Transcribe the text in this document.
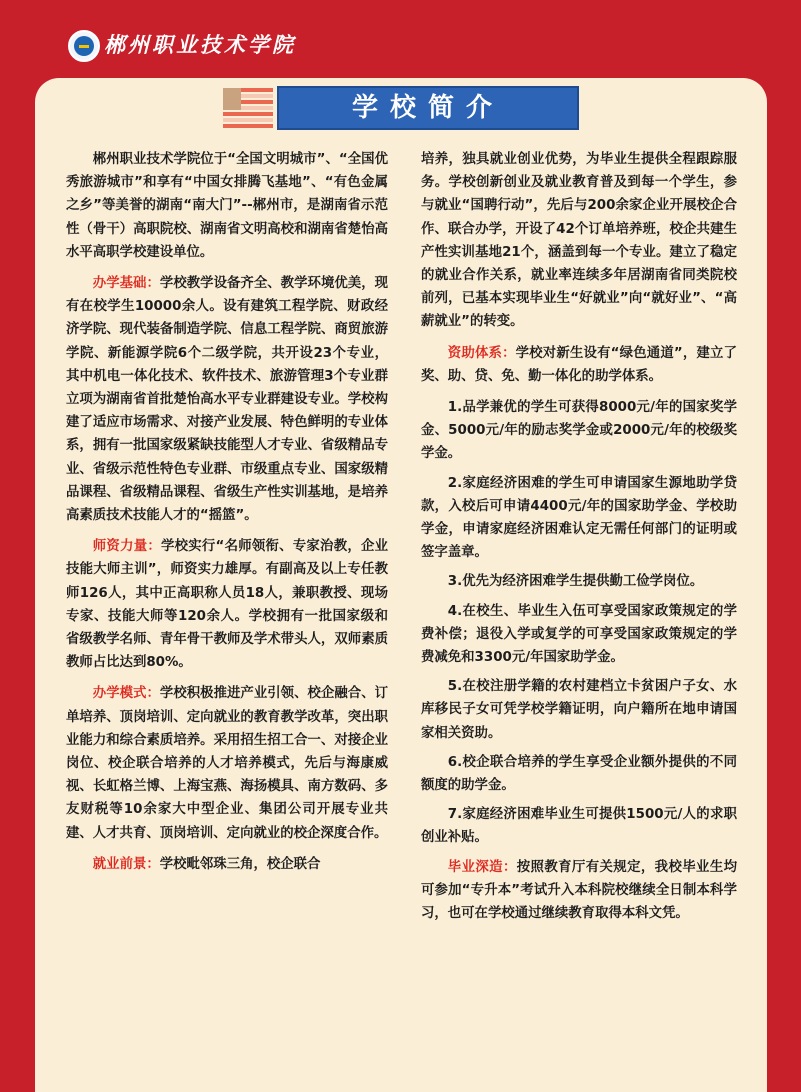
郴州职业技术学院
学校简介

郴州职业技术学院位于“全国文明城市”、“全国优秀旅游城市”和享有“中国女排腾飞基地”、“有色金属之乡”等美誉的湖南“南大门”--郴州市，是湖南省示范性（骨干）高职院校、湖南省文明高校和湖南省楚怡高水平高职学校建设单位。

办学基础：学校教学设备齐全、教学环境优美，现有在校学生10000余人。设有建筑工程学院、财政经济学院、现代装备制造学院、信息工程学院、商贸旅游学院、新能源学院6个二级学院，共开设23个专业，其中机电一体化技术、软件技术、旅游管理3个专业群立项为湖南省首批楚怡高水平专业群建设专业。学校构建了适应市场需求、对接产业发展、特色鲜明的专业体系，拥有一批国家级紧缺技能型人才专业、省级精品专业、省级示范性特色专业群、市级重点专业、国家级精品课程、省级精品课程、省级生产性实训基地，是培养高素质技术技能人才的“摇篮”。

师资力量：学校实行“名师领衔、专家治教，企业技能大师主训”，师资实力雄厚。有副高及以上专任教师126人，其中正高职称人员18人，兼职教授、现场专家、技能大师等120余人。学校拥有一批国家级和省级教学名师、青年骨干教师及学术带头人，双师素质教师占比达到80%。

办学模式：学校积极推进产业引领、校企融合、订单培养、顶岗培训、定向就业的教育教学改革，突出职业能力和综合素质培养。采用招生招工合一、对接企业岗位、校企联合培养的人才培养模式，先后与海康威视、长虹格兰博、上海宝燕、海扬模具、南方数码、多友财税等10余家大中型企业、集团公司开展专业共建、人才共育、顶岗培训、定向就业的校企深度合作。

就业前景：学校毗邻珠三角，校企联合

培养，独具就业创业优势，为毕业生提供全程跟踪服务。学校创新创业及就业教育普及到每一个学生，参与就业“国聘行动”，先后与200余家企业开展校企合作、联合办学，开设了42个订单培养班，校企共建生产性实训基地21个，涵盖到每一个专业。建立了稳定的就业合作关系，就业率连续多年居湖南省同类院校前列，已基本实现毕业生“好就业”向“就好业”、“高薪就业”的转变。

资助体系：学校对新生设有“绿色通道”，建立了奖、助、贷、免、勤一体化的助学体系。

1.品学兼优的学生可获得8000元/年的国家奖学金、5000元/年的励志奖学金或2000元/年的校级奖学金。

2.家庭经济困难的学生可申请国家生源地助学贷款，入校后可申请4400元/年的国家助学金、学校助学金，申请家庭经济困难认定无需任何部门的证明或签字盖章。

3.优先为经济困难学生提供勤工俭学岗位。

4.在校生、毕业生入伍可享受国家政策规定的学费补偿；退役入学或复学的可享受国家政策规定的学费减免和3300元/年国家助学金。

5.在校注册学籍的农村建档立卡贫困户子女、水库移民子女可凭学校学籍证明，向户籍所在地申请国家相关资助。

6.校企联合培养的学生享受企业额外提供的不同额度的助学金。

7.家庭经济困难毕业生可提供1500元/人的求职创业补贴。

毕业深造：按照教育厅有关规定，我校毕业生均可参加“专升本”考试升入本科院校继续全日制本科学习，也可在学校通过继续教育取得本科文凭。
